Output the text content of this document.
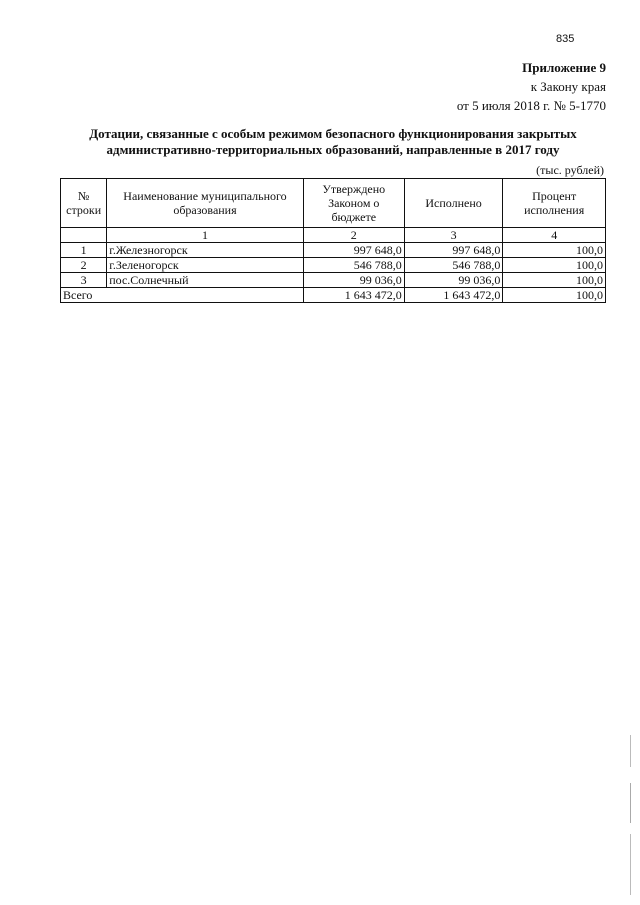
835
Приложение 9
к Закону края
от 5 июля 2018 г. № 5-1770
Дотации, связанные с особым режимом безопасного функционирования закрытых
административно-территориальных образований, направленные в 2017 году
(тыс. рублей)
№ строки	Наименование муниципального образования	Утверждено Законом о бюджете	Исполнено	Процент исполнения
	1	2	3	4
1	г.Железногорск	997 648,0	997 648,0	100,0
2	г.Зеленогорск	546 788,0	546 788,0	100,0
3	пос.Солнечный	99 036,0	99 036,0	100,0
Всего		1 643 472,0	1 643 472,0	100,0
